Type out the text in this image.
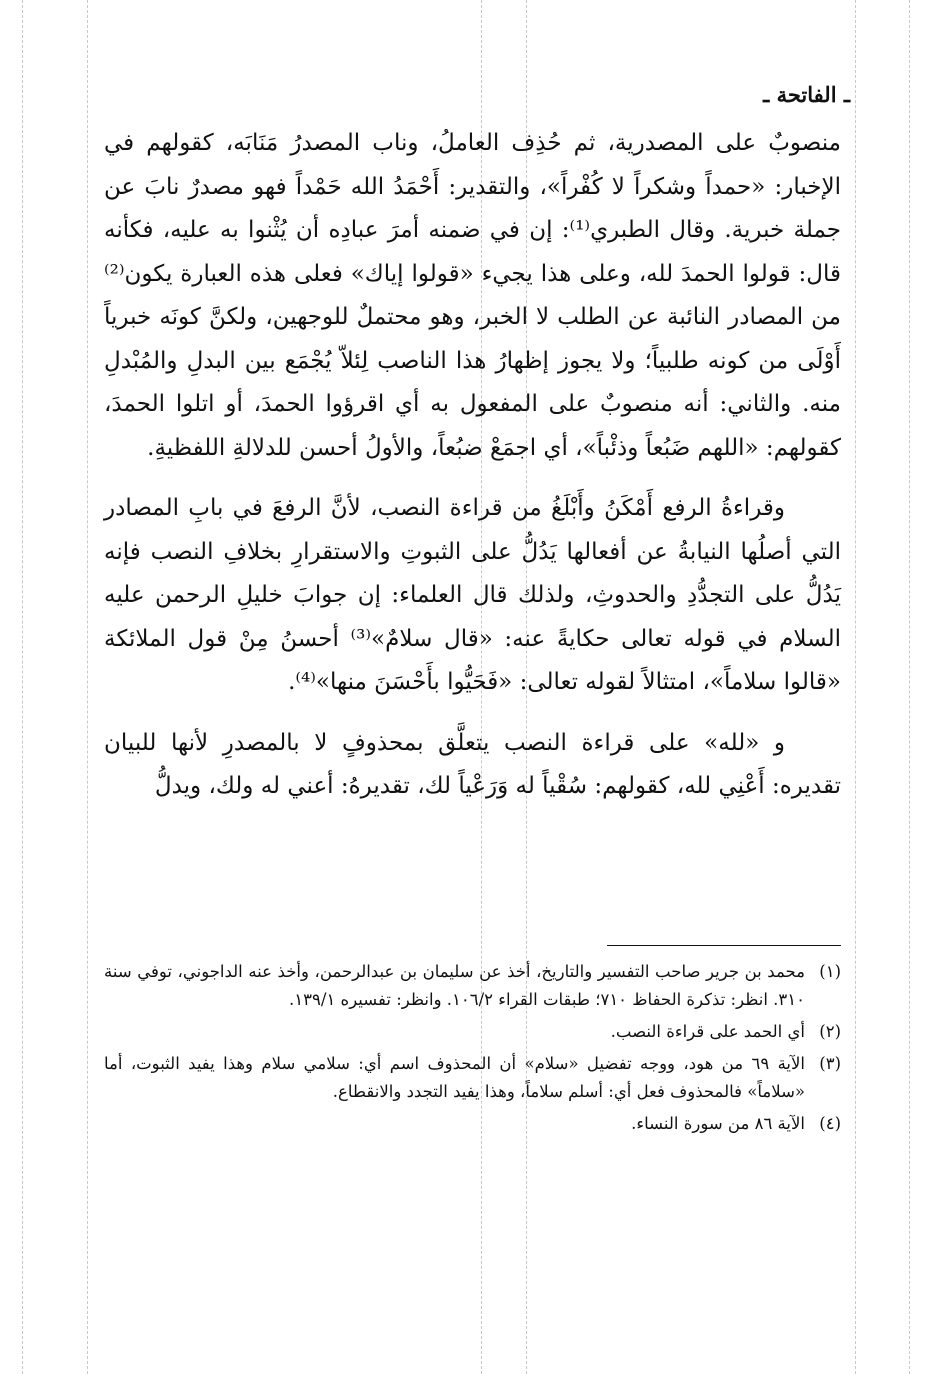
ـ الفاتحة ـ

منصوبٌ على المصدرية، ثم حُذِف العاملُ، وناب المصدرُ مَنَابَه، كقولهم في الإخبار: «حمداً وشكراً لا كُفْراً»، والتقدير: أَحْمَدُ الله حَمْداً فهو مصدرٌ نابَ عن جملة خبرية. وقال الطبري⁽¹⁾: إن في ضمنه أمرَ عبادِه أن يُثْنوا به عليه، فكأنه قال: قولوا الحمدَ لله، وعلى هذا يجيء «قولوا إياك» فعلى هذه العبارة يكون⁽²⁾ من المصادر النائبة عن الطلب لا الخبر، وهو محتملٌ للوجهين، ولكنَّ كونَه خبرياً أَوْلَى من كونه طلبياً؛ ولا يجوز إظهارُ هذا الناصب لِئلاّ يُجْمَع بين البدلِ والمُبْدلِ منه. والثاني: أنه منصوبٌ على المفعول به أي اقرؤوا الحمدَ، أو اتلوا الحمدَ، كقولهم: «اللهم ضَبُعاً وذئْباً»، أي اجمَعْ ضبُعاً، والأولُ أحسن للدلالةِ اللفظيةِ.

وقراءةُ الرفع أَمْكَنُ وأَبْلَغُ من قراءة النصب، لأنَّ الرفعَ في بابِ المصادر التي أصلُها النيابةُ عن أفعالها يَدُلُّ على الثبوتِ والاستقرارِ بخلافِ النصب فإنه يَدُلُّ على التجدُّدِ والحدوثِ، ولذلك قال العلماء: إن جوابَ خليلِ الرحمن عليه السلام في قوله تعالى حكايةً عنه: «قال سلامٌ»⁽³⁾ أحسنُ مِنْ قول الملائكة «قالوا سلاماً»، امتثالاً لقوله تعالى: «فَحَيُّوا بأَحْسَنَ منها»⁽⁴⁾.

و «لله» على قراءة النصب يتعلَّق بمحذوفٍ لا بالمصدرِ لأنها للبيان تقديره: أَعْنِي لله، كقولهم: سُقْياً له وَرَعْياً لك، تقديرهُ: أعني له ولك، ويدلُّ

(١)
محمد بن جرير صاحب التفسير والتاريخ، أخذ عن سليمان بن عبدالرحمن، وأخذ عنه الداجوني، توفي سنة ٣١٠. انظر: تذكرة الحفاظ ٧١٠؛ طبقات القراء ١٠٦/٢. وانظر: تفسيره ١٣٩/١.
(٢)
أي الحمد على قراءة النصب.
(٣)
الآية ٦٩ من هود، ووجه تفضيل «سلام» أن المحذوف اسم أي: سلامي سلام وهذا يفيد الثبوت، أما «سلاماً» فالمحذوف فعل أي: أسلم سلاماً، وهذا يفيد التجدد والانقطاع.
(٤)
الآية ٨٦ من سورة النساء.
